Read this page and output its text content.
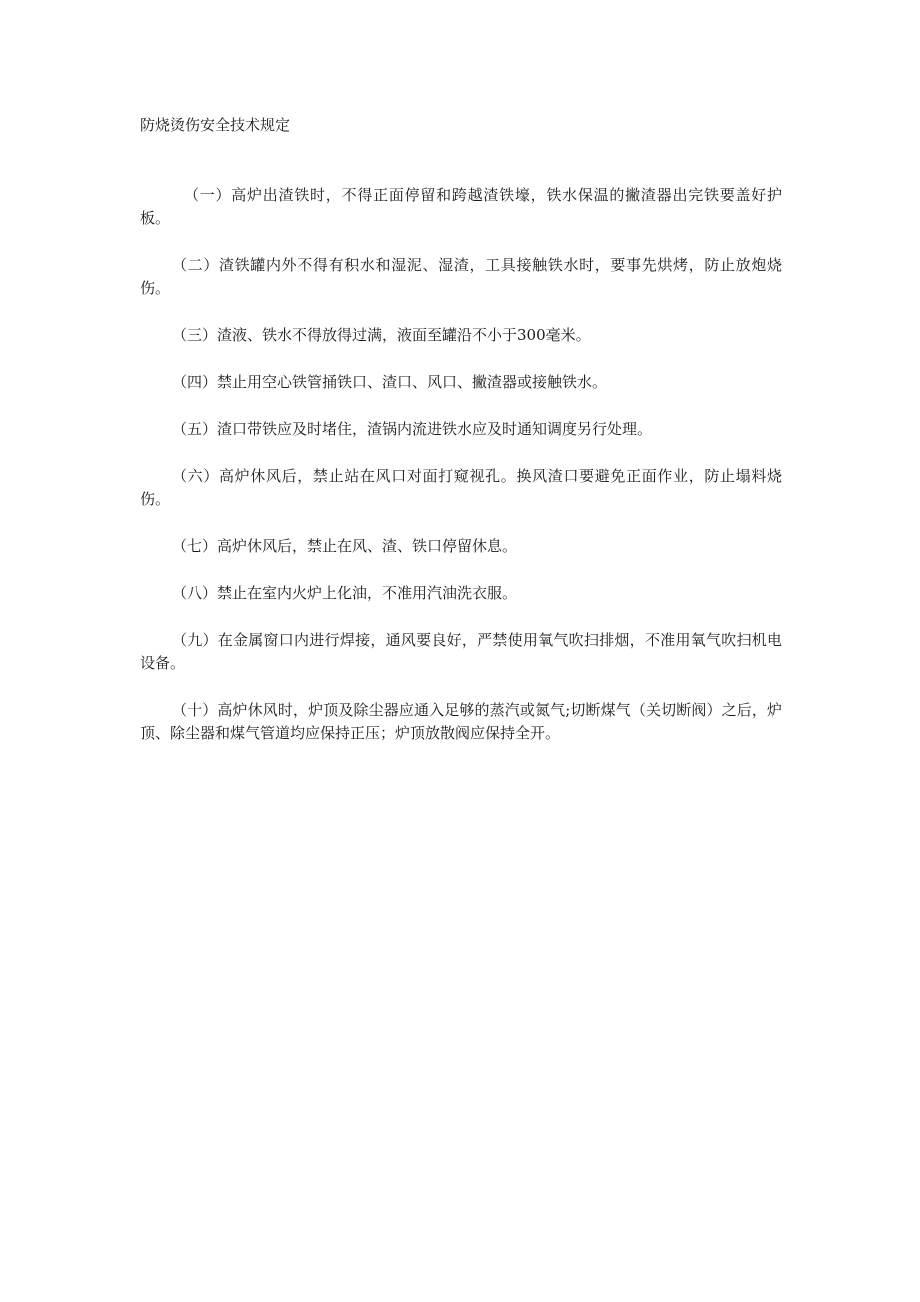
防烧烫伤安全技术规定

（一）高炉出渣铁时，不得正面停留和跨越渣铁壕，铁水保温的撇渣器出完铁要盖好护板。

（二）渣铁罐内外不得有积水和湿泥、湿渣，工具接触铁水时，要事先烘烤，防止放炮烧伤。

（三）渣液、铁水不得放得过满，液面至罐沿不小于300毫米。

（四）禁止用空心铁管捅铁口、渣口、风口、撇渣器或接触铁水。

（五）渣口带铁应及时堵住，渣锅内流进铁水应及时通知调度另行处理。

（六）高炉休风后，禁止站在风口对面打窥视孔。换风渣口要避免正面作业，防止塌料烧伤。

（七）高炉休风后，禁止在风、渣、铁口停留休息。

（八）禁止在室内火炉上化油，不准用汽油洗衣服。

（九）在金属窗口内进行焊接，通风要良好，严禁使用氧气吹扫排烟，不准用氧气吹扫机电设备。

（十）高炉休风时，炉顶及除尘器应通入足够的蒸汽或氮气;切断煤气（关切断阀）之后，炉顶、除尘器和煤气管道均应保持正压；炉顶放散阀应保持全开。
